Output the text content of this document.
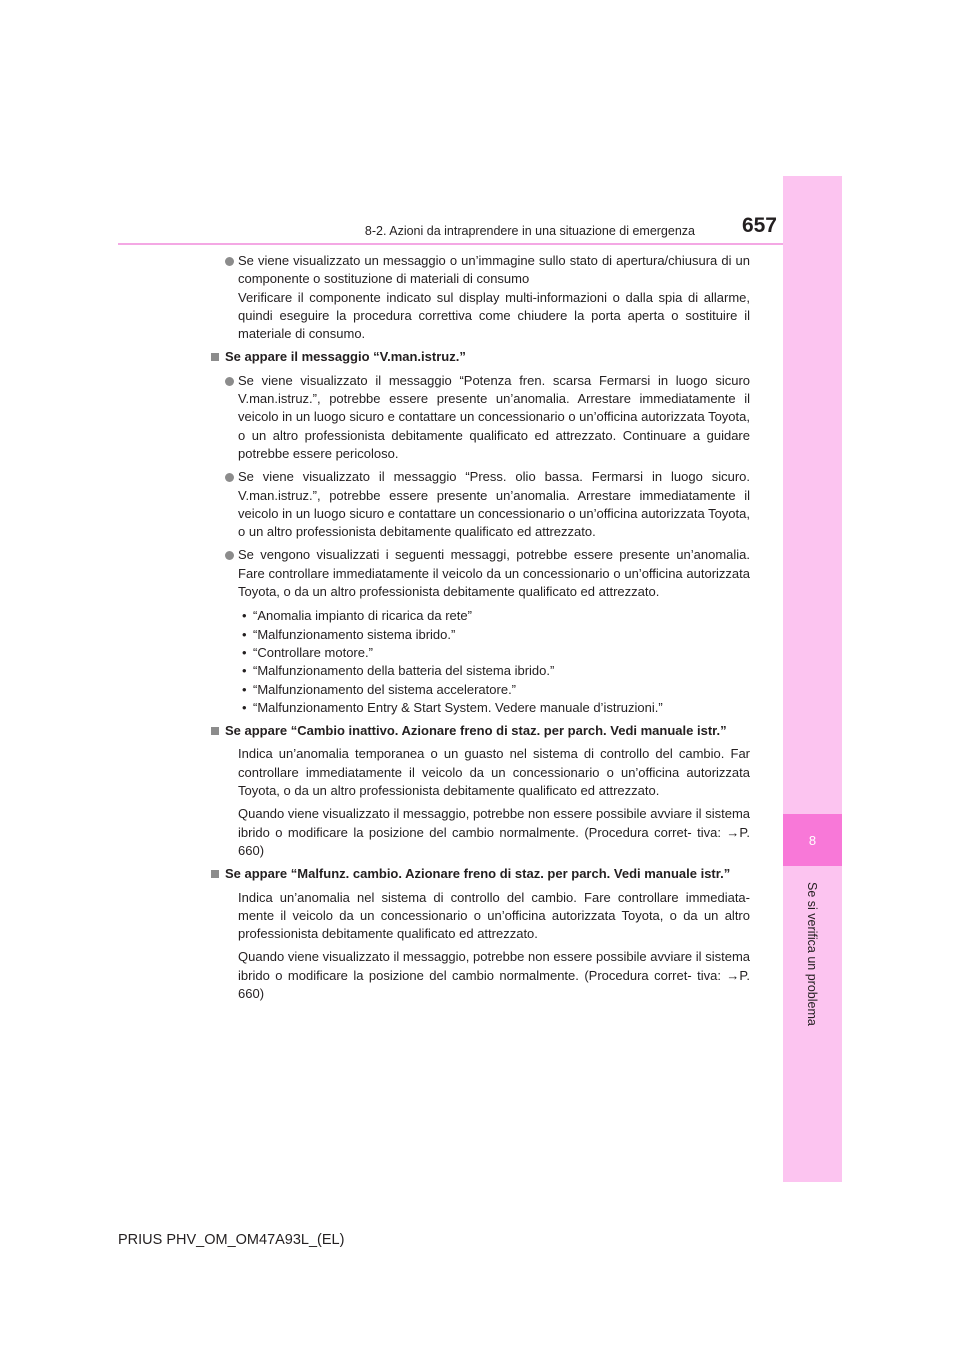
8
Se si verifica un problema
8-2. Azioni da intraprendere in una situazione di emergenza 657

Se viene visualizzato un messaggio o un’immagine sullo stato di apertura/chiusura di un componente o sostituzione di materiali di consumo

Verificare il componente indicato sul display multi-informazioni o dalla spia di allarme, quindi eseguire la procedura correttiva come chiudere la porta aperta o sostituire il materiale di consumo.

Se appare il messaggio “V.man.istruz.”

Se viene visualizzato il messaggio “Potenza fren. scarsa Fermarsi in luogo sicuro V.man.istruz.”, potrebbe essere presente un’anomalia. Arrestare immediatamente il veicolo in un luogo sicuro e contattare un concessionario o un’officina autorizzata Toyota, o un altro professionista debitamente qualificato ed attrezzato. Continuare a guidare potrebbe essere pericoloso.

Se viene visualizzato il messaggio “Press. olio bassa. Fermarsi in luogo sicuro. V.man.istruz.”, potrebbe essere presente un’anomalia. Arrestare immediatamente il veicolo in un luogo sicuro e contattare un concessionario o un’officina autorizzata Toyota, o un altro professionista debitamente qualificato ed attrezzato.

Se vengono visualizzati i seguenti messaggi, potrebbe essere presente un’anomalia. Fare controllare immediatamente il veicolo da un concessionario o un’officina autorizzata Toyota, o da un altro professionista debitamente qualificato ed attrezzato.

• “Anomalia impianto di ricarica da rete”
• “Malfunzionamento sistema ibrido.”
• “Controllare motore.”
• “Malfunzionamento della batteria del sistema ibrido.”
• “Malfunzionamento del sistema acceleratore.”
• “Malfunzionamento Entry & Start System. Vedere manuale d’istruzioni.”
Se appare “Cambio inattivo. Azionare freno di staz. per parch. Vedi manuale istr.”

Indica un’anomalia temporanea o un guasto nel sistema di controllo del cambio. Far controllare immediatamente il veicolo da un concessionario o un’officina autorizzata Toyota, o da un altro professionista debitamente qualificato ed attrezzato.

Quando viene visualizzato il messaggio, potrebbe non essere possibile avviare il sistema ibrido o modificare la posizione del cambio normalmente. (Procedura corret- tiva: →P. 660)

Se appare “Malfunz. cambio. Azionare freno di staz. per parch. Vedi manuale istr.”

Indica un’anomalia nel sistema di controllo del cambio. Fare controllare immediata- mente il veicolo da un concessionario o un’officina autorizzata Toyota, o da un altro professionista debitamente qualificato ed attrezzato.

Quando viene visualizzato il messaggio, potrebbe non essere possibile avviare il sistema ibrido o modificare la posizione del cambio normalmente. (Procedura corret- tiva: →P. 660)

PRIUS PHV_OM_OM47A93L_(EL)
